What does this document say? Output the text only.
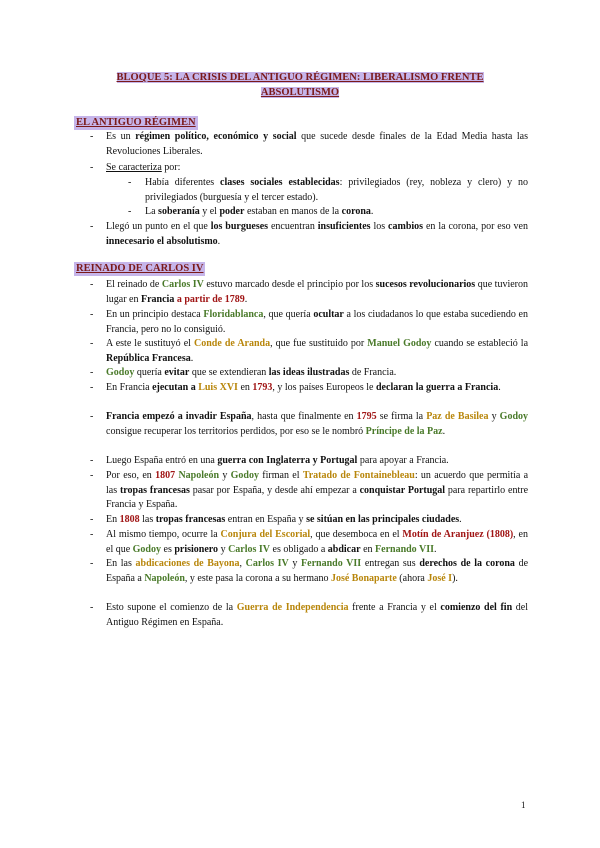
BLOQUE 5: LA CRISIS DEL ANTIGUO RÉGIMEN: LIBERALISMO FRENTE
ABSOLUTISMO
EL ANTIGUO RÉGIMEN
- Es un régimen político, económico y social que sucede desde finales de la Edad Media hasta las Revoluciones Liberales.
- Se caracteriza por:
- Había diferentes clases sociales establecidas: privilegiados (rey, nobleza y clero) y no privilegiados (burguesía y el tercer estado).
- La soberanía y el poder estaban en manos de la corona.
- Llegó un punto en el que los burgueses encuentran insuficientes los cambios en la corona, por eso ven innecesario el absolutismo.
REINADO DE CARLOS IV
- El reinado de Carlos IV estuvo marcado desde el principio por los sucesos revolucionarios que tuvieron lugar en Francia a partir de 1789.
- En un principio destaca Floridablanca, que quería ocultar a los ciudadanos lo que estaba sucediendo en Francia, pero no lo consiguió.
- A este le sustituyó el Conde de Aranda, que fue sustituido por Manuel Godoy cuando se estableció la República Francesa.
- Godoy quería evitar que se extendieran las ideas ilustradas de Francia.
- En Francia ejecutan a Luis XVI en 1793, y los países Europeos le declaran la guerra a Francia.
- Francia empezó a invadir España, hasta que finalmente en 1795 se firma la Paz de Basilea y Godoy consigue recuperar los territorios perdidos, por eso se le nombró Príncipe de la Paz.
- Luego España entró en una guerra con Inglaterra y Portugal para apoyar a Francia.
- Por eso, en 1807 Napoleón y Godoy firman el Tratado de Fontainebleau: un acuerdo que permitía a las tropas francesas pasar por España, y desde ahí empezar a conquistar Portugal para repartirlo entre Francia y España.
- En 1808 las tropas francesas entran en España y se sitúan en las principales ciudades.
- Al mismo tiempo, ocurre la Conjura del Escorial, que desemboca en el Motín de Aranjuez (1808), en el que Godoy es prisionero y Carlos IV es obligado a abdicar en Fernando VII.
- En las abdicaciones de Bayona, Carlos IV y Fernando VII entregan sus derechos de la corona de España a Napoleón, y este pasa la corona a su hermano José Bonaparte (ahora José I).
- Esto supone el comienzo de la Guerra de Independencia frente a Francia y el comienzo del fin del Antiguo Régimen en España.
1
